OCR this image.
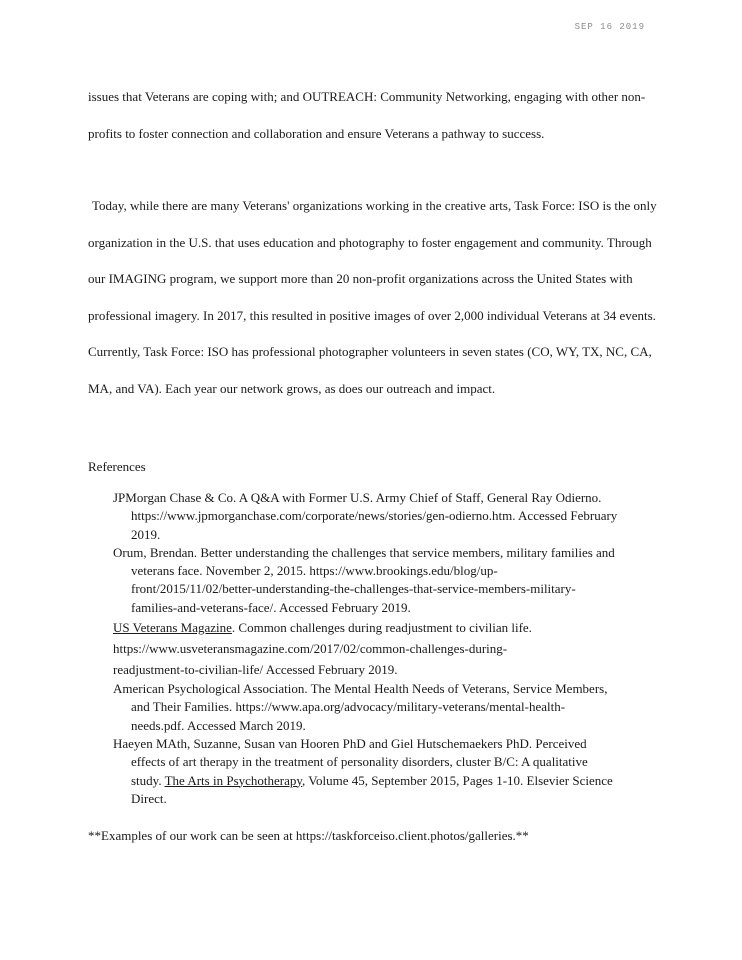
SEP 16 2019
issues that Veterans are coping with; and OUTREACH: Community Networking, engaging with other non-profits to foster connection and collaboration and ensure Veterans a pathway to success.
Today, while there are many Veterans' organizations working in the creative arts, Task Force: ISO is the only organization in the U.S. that uses education and photography to foster engagement and community. Through our IMAGING program, we support more than 20 non-profit organizations across the United States with professional imagery. In 2017, this resulted in positive images of over 2,000 individual Veterans at 34 events. Currently, Task Force: ISO has professional photographer volunteers in seven states (CO, WY, TX, NC, CA, MA, and VA). Each year our network grows, as does our outreach and impact.
References

JPMorgan Chase & Co. A Q&A with Former U.S. Army Chief of Staff, General Ray Odierno. https://www.jpmorganchase.com/corporate/news/stories/gen-odierno.htm. Accessed February 2019.

Orum, Brendan. Better understanding the challenges that service members, military families and veterans face. November 2, 2015. https://www.brookings.edu/blog/up-front/2015/11/02/better-understanding-the-challenges-that-service-members-military-families-and-veterans-face/. Accessed February 2019.

US Veterans Magazine. Common challenges during readjustment to civilian life.
https://www.usveteransmagazine.com/2017/02/common-challenges-during-
readjustment-to-civilian-life/ Accessed February 2019.

American Psychological Association. The Mental Health Needs of Veterans, Service Members, and Their Families. https://www.apa.org/advocacy/military-veterans/mental-health-needs.pdf. Accessed March 2019.

Haeyen MAth, Suzanne, Susan van Hooren PhD and Giel Hutschemaekers PhD. Perceived effects of art therapy in the treatment of personality disorders, cluster B/C: A qualitative study. The Arts in Psychotherapy, Volume 45, September 2015, Pages 1-10. Elsevier Science Direct.

**Examples of our work can be seen at https://taskforceiso.client.photos/galleries.**
